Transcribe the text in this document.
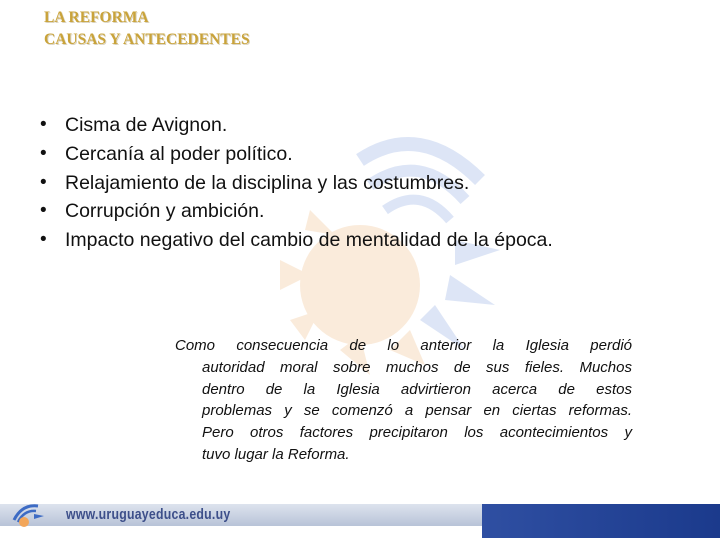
LA REFORMA
CAUSAS Y ANTECEDENTES
• Cisma de Avignon.
• Cercanía al poder político.
• Relajamiento de la disciplina y las costumbres.
• Corrupción y ambición.
• Impacto negativo del cambio de mentalidad de la época.
Como consecuencia de lo anterior la Iglesia perdió
autoridad moral sobre muchos de sus fieles. Muchos
dentro de la Iglesia advirtieron acerca de estos
problemas y se comenzó a pensar en ciertas reformas.
Pero otros factores precipitaron los acontecimientos y
tuvo lugar la Reforma.
www.uruguayeduca.edu.uy
